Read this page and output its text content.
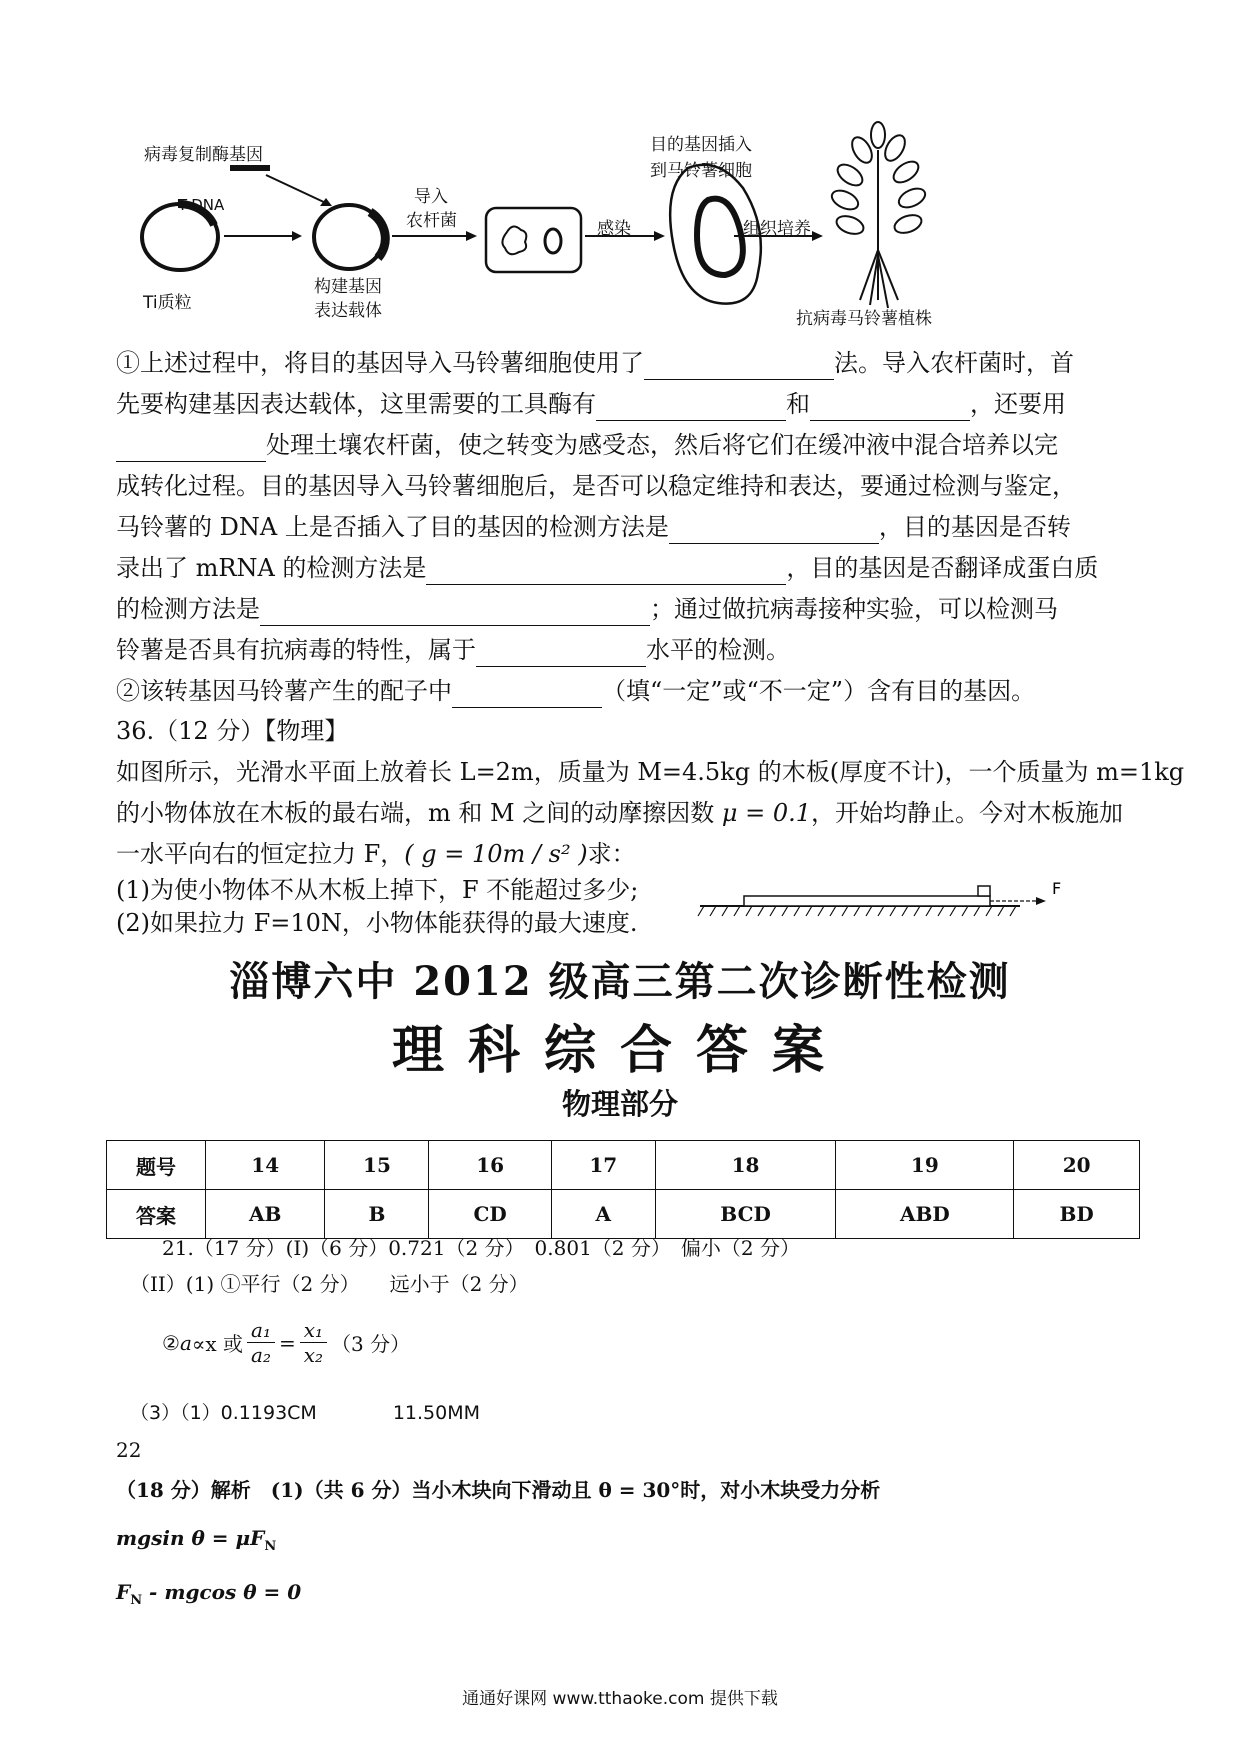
病毒复制酶基因
T-DNA
Ti质粒
构建基因
表达载体
导入
农杆菌	感染
目的基因插入
到马铃薯细胞
组织培养
抗病毒马铃薯植株
①上述过程中，将目的基因导入马铃薯细胞使用了	法。导入农杆菌时，首
先要构建基因表达载体，这里需要的工具酶有	和	，还要用
处理土壤农杆菌，使之转变为感受态，然后将它们在缓冲液中混合培养以完
成转化过程。目的基因导入马铃薯细胞后，是否可以稳定维持和表达，要通过检测与鉴定，
马铃薯的 DNA 上是否插入了目的基因的检测方法是	，目的基因是否转
录出了 mRNA 的检测方法是	，目的基因是否翻译成蛋白质
的检测方法是	；通过做抗病毒接种实验，可以检测马
铃薯是否具有抗病毒的特性，属于	水平的检测。
②该转基因马铃薯产生的配子中	（填“一定”或“不一定”）含有目的基因。
36.（12 分）【物理】
如图所示，光滑水平面上放着长 L=2m，质量为 M=4.5kg 的木板(厚度不计)，一个质量为 m=1kg
的小物体放在木板的最右端，m 和 M 之间的动摩擦因数 μ = 0.1，开始均静止。今对木板施加
一水平向右的恒定拉力 F，( g = 10m / s² )求：
(1)为使小物体不从木板上掉下，F 不能超过多少;
(2)如果拉力 F=10N，小物体能获得的最大速度.
F
淄博六中 2012 级高三第二次诊断性检测
理科综合答案
物理部分
题号	14	15	16	17	18	19	20
答案	AB	B	CD	A	BCD	ABD	BD
21.（17 分）(I)（6 分）0.721（2 分）　0.801（2 分）　偏小（2 分）
（II）(1) ①平行（2 分）　　远小于（2 分）
② a ∝x 或 $\frac{\text{a₁}}{\text{a₂}} = \frac{\text{x₁}}{\text{x₂}} (3$ 分）
（3）（1）0.1193CM　　　　11.50MM
22
（18 分）解析　(1)（共 6 分）当小木块向下滑动且 θ = 30°时，对小木块受力分析
mgsin $\theta = \mu F_N$
$F_N$ - mgcos θ = 0
通通好课网 www.tthaoke.com 提供下载
